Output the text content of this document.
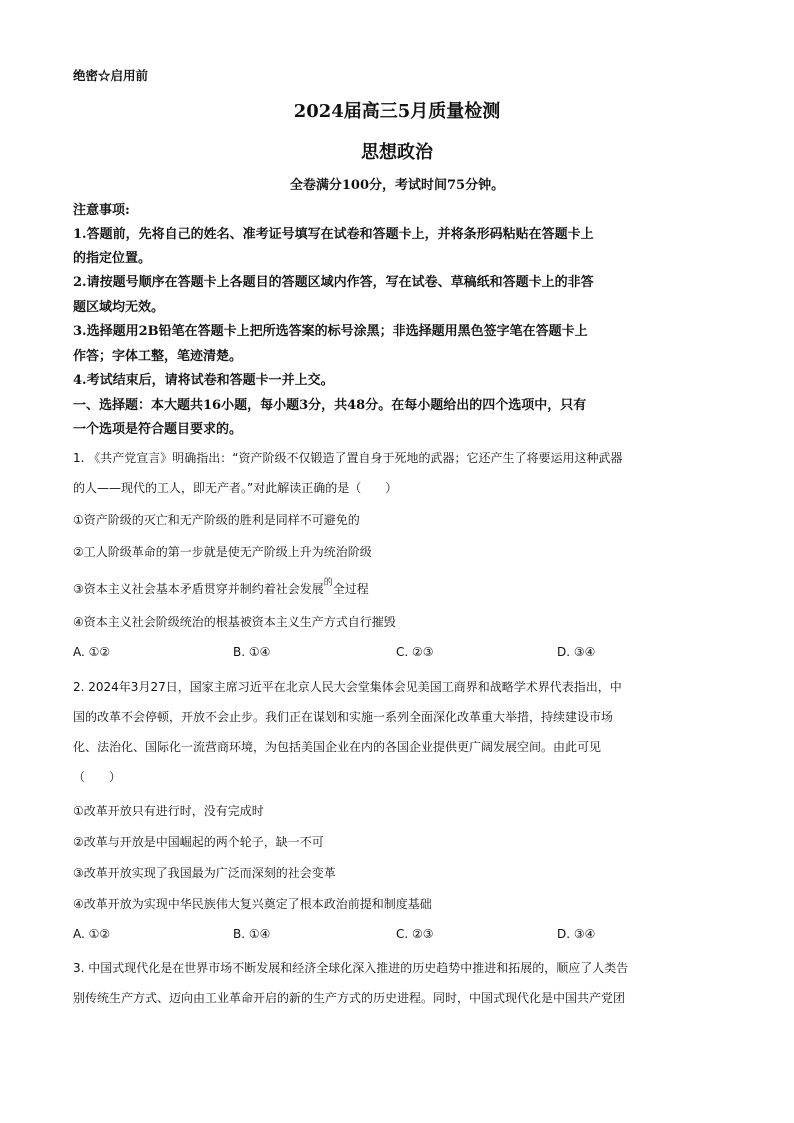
绝密☆启用前
2024届高三5月质量检测
思想政治
全卷满分100分，考试时间75分钟。
注意事项:
1.答题前，先将自己的姓名、准考证号填写在试卷和答题卡上，并将条形码粘贴在答题卡上
的指定位置。
2.请按题号顺序在答题卡上各题目的答题区域内作答，写在试卷、草稿纸和答题卡上的非答
题区域均无效。
3.选择题用2B铅笔在答题卡上把所选答案的标号涂黑；非选择题用黑色签字笔在答题卡上
作答；字体工整，笔迹清楚。
4.考试结束后，请将试卷和答题卡一并上交。
一、选择题：本大题共16小题，每小题3分，共48分。在每小题给出的四个选项中，只有
一个选项是符合题目要求的。
1. 《共产党宣言》明确指出：“资产阶级不仅锻造了置自身于死地的武器；它还产生了将要运用这种武器
的人——现代的工人，即无产者。”对此解读正确的是（　　）
①资产阶级的灭亡和无产阶级的胜利是同样不可避免的
②工人阶级革命的第一步就是使无产阶级上升为统治阶级
③资本主义社会基本矛盾贯穿并制约着社会发展$^的$全过程
④资本主义社会阶级统治的根基被资本主义生产方式自行摧毁
A. ①②	B. ①④	C. ②③	D. ③④
2. 2024年3月27日，国家主席习近平在北京人民大会堂集体会见美国工商界和战略学术界代表指出，中
国的改革不会停顿，开放不会止步。我们正在谋划和实施一系列全面深化改革重大举措，持续建设市场
化、法治化、国际化一流营商环境，为包括美国企业在内的各国企业提供更广阔发展空间。由此可见
（　　）
①改革开放只有进行时，没有完成时
②改革与开放是中国崛起的两个轮子，缺一不可
③改革开放实现了我国最为广泛而深刻的社会变革
④改革开放为实现中华民族伟大复兴奠定了根本政治前提和制度基础
A. ①②	B. ①④	C. ②③	D. ③④
3. 中国式现代化是在世界市场不断发展和经济全球化深入推进的历史趋势中推进和拓展的，顺应了人类告
别传统生产方式、迈向由工业革命开启的新的生产方式的历史进程。同时，中国式现代化是中国共产党团
